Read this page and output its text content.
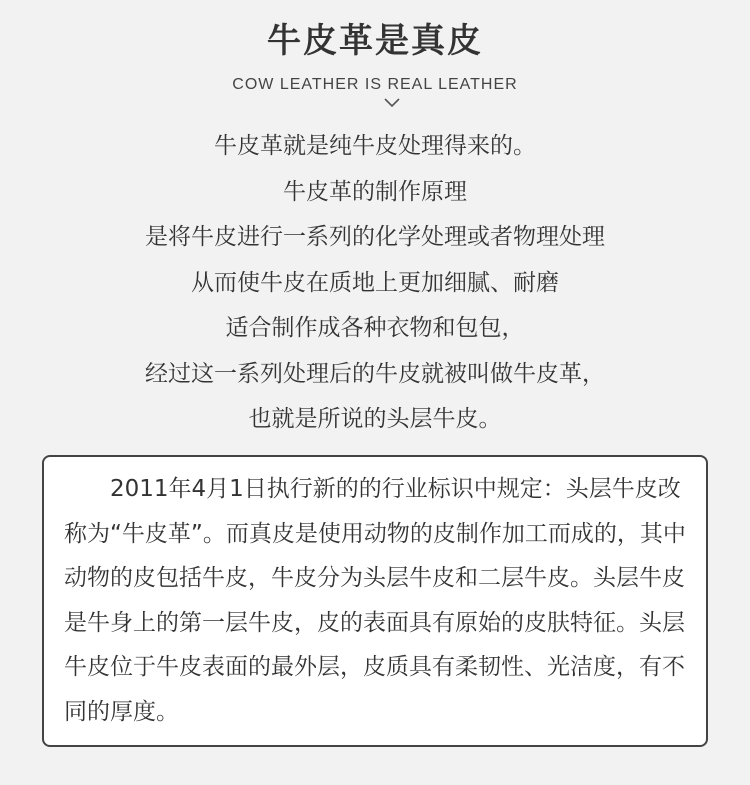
牛皮革是真皮
COW LEATHER IS REAL LEATHER
牛皮革就是纯牛皮处理得来的。
牛皮革的制作原理
是将牛皮进行一系列的化学处理或者物理处理
从而使牛皮在质地上更加细腻、耐磨
适合制作成各种衣物和包包，
经过这一系列处理后的牛皮就被叫做牛皮革，
也就是所说的头层牛皮。

2011年4月1日执行新的的行业标识中规定：头层牛皮改称为“牛皮革”。而真皮是使用动物的皮制作加工而成的，其中动物的皮包括牛皮，牛皮分为头层牛皮和二层牛皮。头层牛皮是牛身上的第一层牛皮，皮的表面具有原始的皮肤特征。头层牛皮位于牛皮表面的最外层，皮质具有柔韧性、光洁度，有不同的厚度。
